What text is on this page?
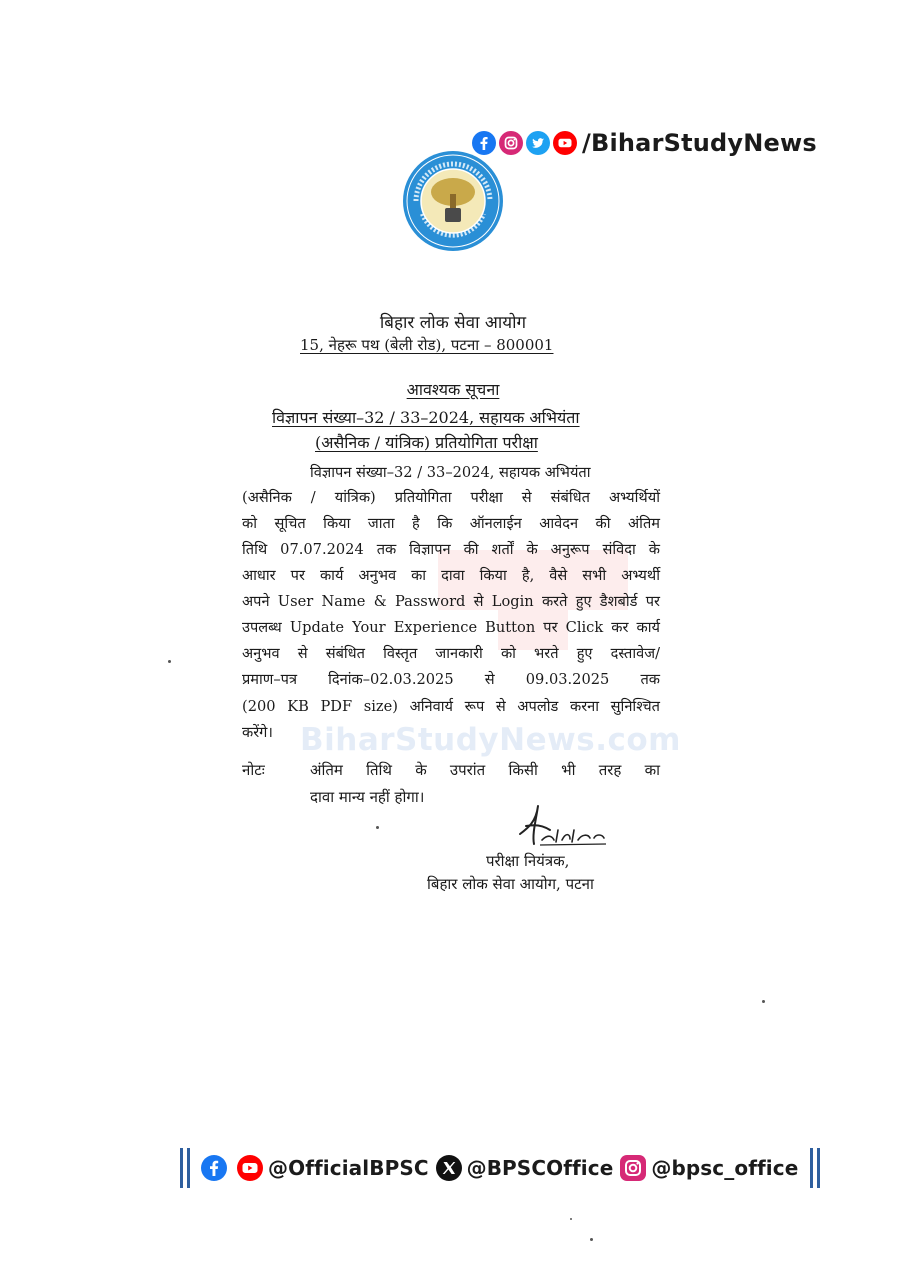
/BiharStudyNews
BiharStudyNews.com
बिहार लोक सेवा आयोग
15, नेहरू पथ (बेली रोड), पटना – 800001
आवश्यक सूचना
विज्ञापन संख्या–32 / 33–2024, सहायक अभियंता
(असैनिक / यांत्रिक) प्रतियोगिता परीक्षा
विज्ञापन संख्या–32 / 33–2024, सहायक अभियंता
(असैनिक / यांत्रिक) प्रतियोगिता परीक्षा से संबंधित अभ्यर्थियों
को सूचित किया जाता है कि ऑनलाईन आवेदन की अंतिम
तिथि 07.07.2024 तक विज्ञापन की शर्तों के अनुरूप संविदा के
आधार पर कार्य अनुभव का दावा किया है, वैसे सभी अभ्यर्थी
अपने User Name & Password से Login करते हुए डैशबोर्ड पर
उपलब्ध Update Your Experience Button पर Click कर कार्य
अनुभव से संबंधित विस्तृत जानकारी को भरते हुए दस्तावेज/
प्रमाण–पत्र दिनांक–02.03.2025 से 09.03.2025 तक
(200 KB PDF size) अनिवार्य रूप से अपलोड करना सुनिश्चित
करेंगे।
नोटः	अंतिम तिथि के उपरांत किसी भी तरह का
दावा मान्य नहीं होगा।
परीक्षा नियंत्रक,
बिहार लोक सेवा आयोग, पटना
@OfficialBPSC @BPSCOffice @bpsc_office
